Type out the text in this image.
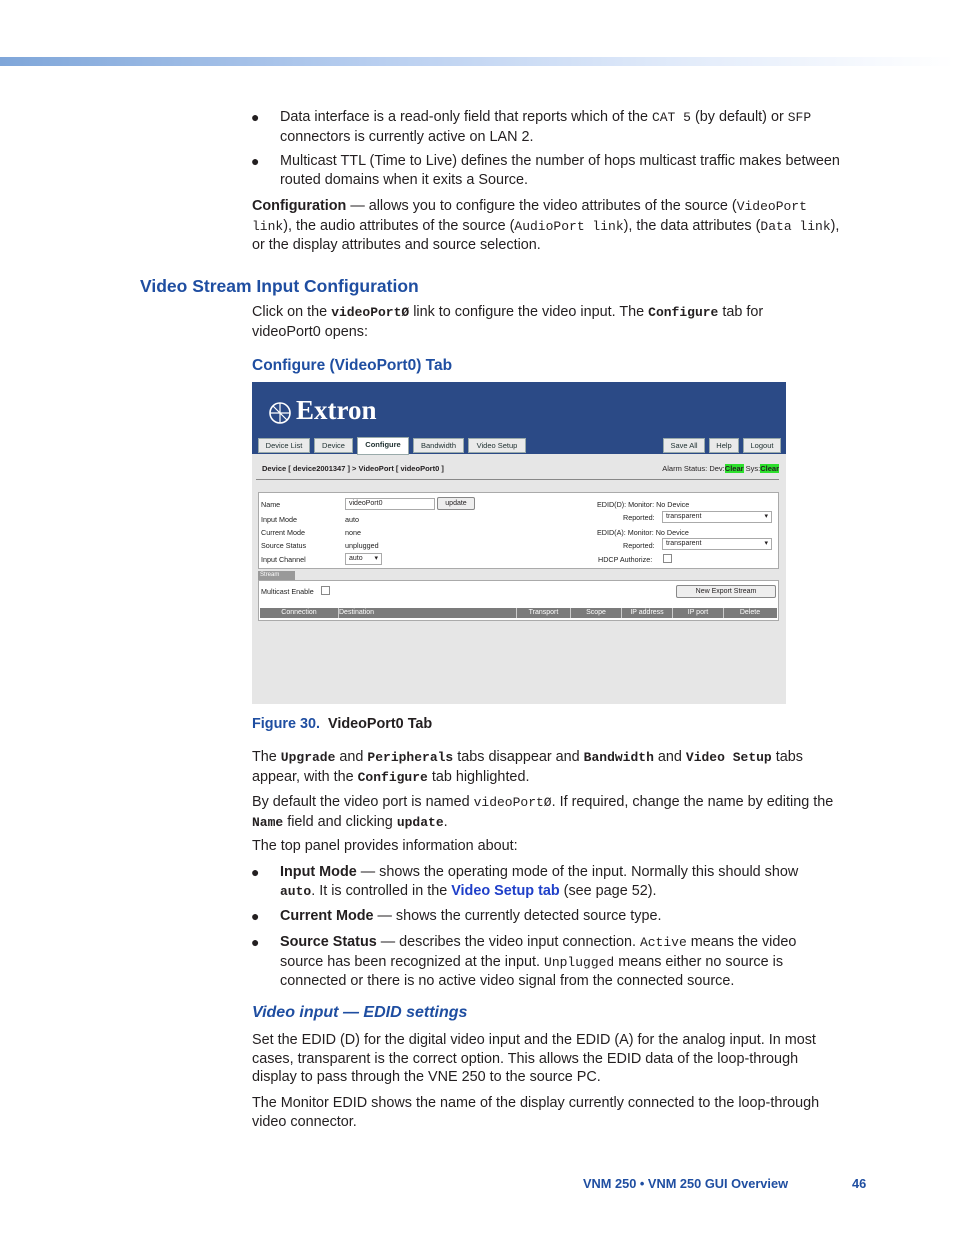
● Data interface is a read-only field that reports which of the CAT 5 (by default) or SFP
connectors is currently active on LAN 2.
● Multicast TTL (Time to Live) defines the number of hops multicast traffic makes between
routed domains when it exits a Source.
Configuration — allows you to configure the video attributes of the source (VideoPort
link), the audio attributes of the source (AudioPort link), the data attributes (Data link),
or the display attributes and source selection.
Video Stream Input Configuration
Click on the videoPortØ link to configure the video input. The Configure tab for
videoPort0 opens:
Configure (VideoPort0) Tab
Extron
Device List	Device	Configure	Bandwidth	Video Setup	Save All	Help	Logout
Device [ device2001347 ] > VideoPort [ videoPort0 ]	Alarm Status: Dev:Clear Sys:Clear
Name	videoPort0	update
Input Mode	auto
Current Mode	none
Source Status	unplugged
Input Channel	auto ▾
EDID(D): Monitor: No Device
Reported:	transparent ▾
EDID(A): Monitor: No Device
Reported:	transparent ▾
HDCP Authorize:
Stream
Multicast Enable	New Export Stream
Connection	Destination	Transport	Scope	IP address	IP port	Delete
Figure 30. VideoPort0 Tab
The Upgrade and Peripherals tabs disappear and Bandwidth and Video Setup tabs
appear, with the Configure tab highlighted.
By default the video port is named videoPortØ. If required, change the name by editing the
Name field and clicking update.
The top panel provides information about:
● Input Mode — shows the operating mode of the input. Normally this should show
auto. It is controlled in the Video Setup tab (see page 52).
● Current Mode — shows the currently detected source type.
● Source Status — describes the video input connection. Active means the video
source has been recognized at the input. Unplugged means either no source is
connected or there is no active video signal from the connected source.
Video input — EDID settings
Set the EDID (D) for the digital video input and the EDID (A) for the analog input. In most
cases, transparent is the correct option. This allows the EDID data of the loop-through
display to pass through the VNE 250 to the source PC.
The Monitor EDID shows the name of the display currently connected to the loop-through
video connector.
VNM 250 • VNM 250 GUI Overview	46
